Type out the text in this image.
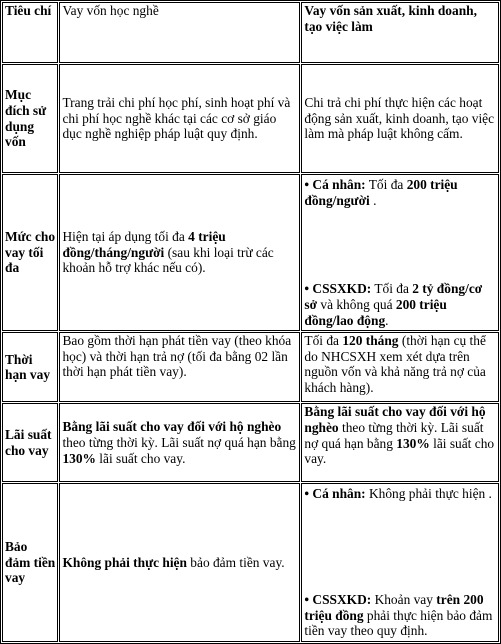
Tiêu chí	Vay vốn học nghề	Vay vốn sản xuất, kinh doanh, tạo việc làm
Mục đích sử dụng vốn	Trang trải chi phí học phí, sinh hoạt phí và chi phí học nghề khác tại các cơ sở giáo dục nghề nghiệp pháp luật quy định.	Chi trả chi phí thực hiện các hoạt động sản xuất, kinh doanh, tạo việc làm mà pháp luật không cấm.
Mức cho vay tối đa	Hiện tại áp dụng tối đa 4 triệu đồng/tháng/người (sau khi loại trừ các khoản hỗ trợ khác nếu có).	• Cá nhân: Tối đa 200 triệu đồng/người .
• CSSXKD: Tối đa 2 tỷ đồng/cơ sở và không quá 200 triệu đồng/lao động.

Thời hạn vay	Bao gồm thời hạn phát tiền vay (theo khóa học) và thời hạn trả nợ (tối đa bằng 02 lần thời hạn phát tiền vay).	Tối đa 120 tháng (thời hạn cụ thể do NHCSXH xem xét dựa trên nguồn vốn và khả năng trả nợ của khách hàng).
Lãi suất cho vay	Bằng lãi suất cho vay đối với hộ nghèo theo từng thời kỳ. Lãi suất nợ quá hạn bằng 130% lãi suất cho vay.	Bằng lãi suất cho vay đối với hộ nghèo theo từng thời kỳ. Lãi suất nợ quá hạn bằng 130% lãi suất cho vay.
Bảo đảm tiền vay	Không phải thực hiện bảo đảm tiền vay.	• Cá nhân: Không phải thực hiện .
• CSSXKD: Khoản vay trên 200 triệu đồng phải thực hiện bảo đảm tiền vay theo quy định.
